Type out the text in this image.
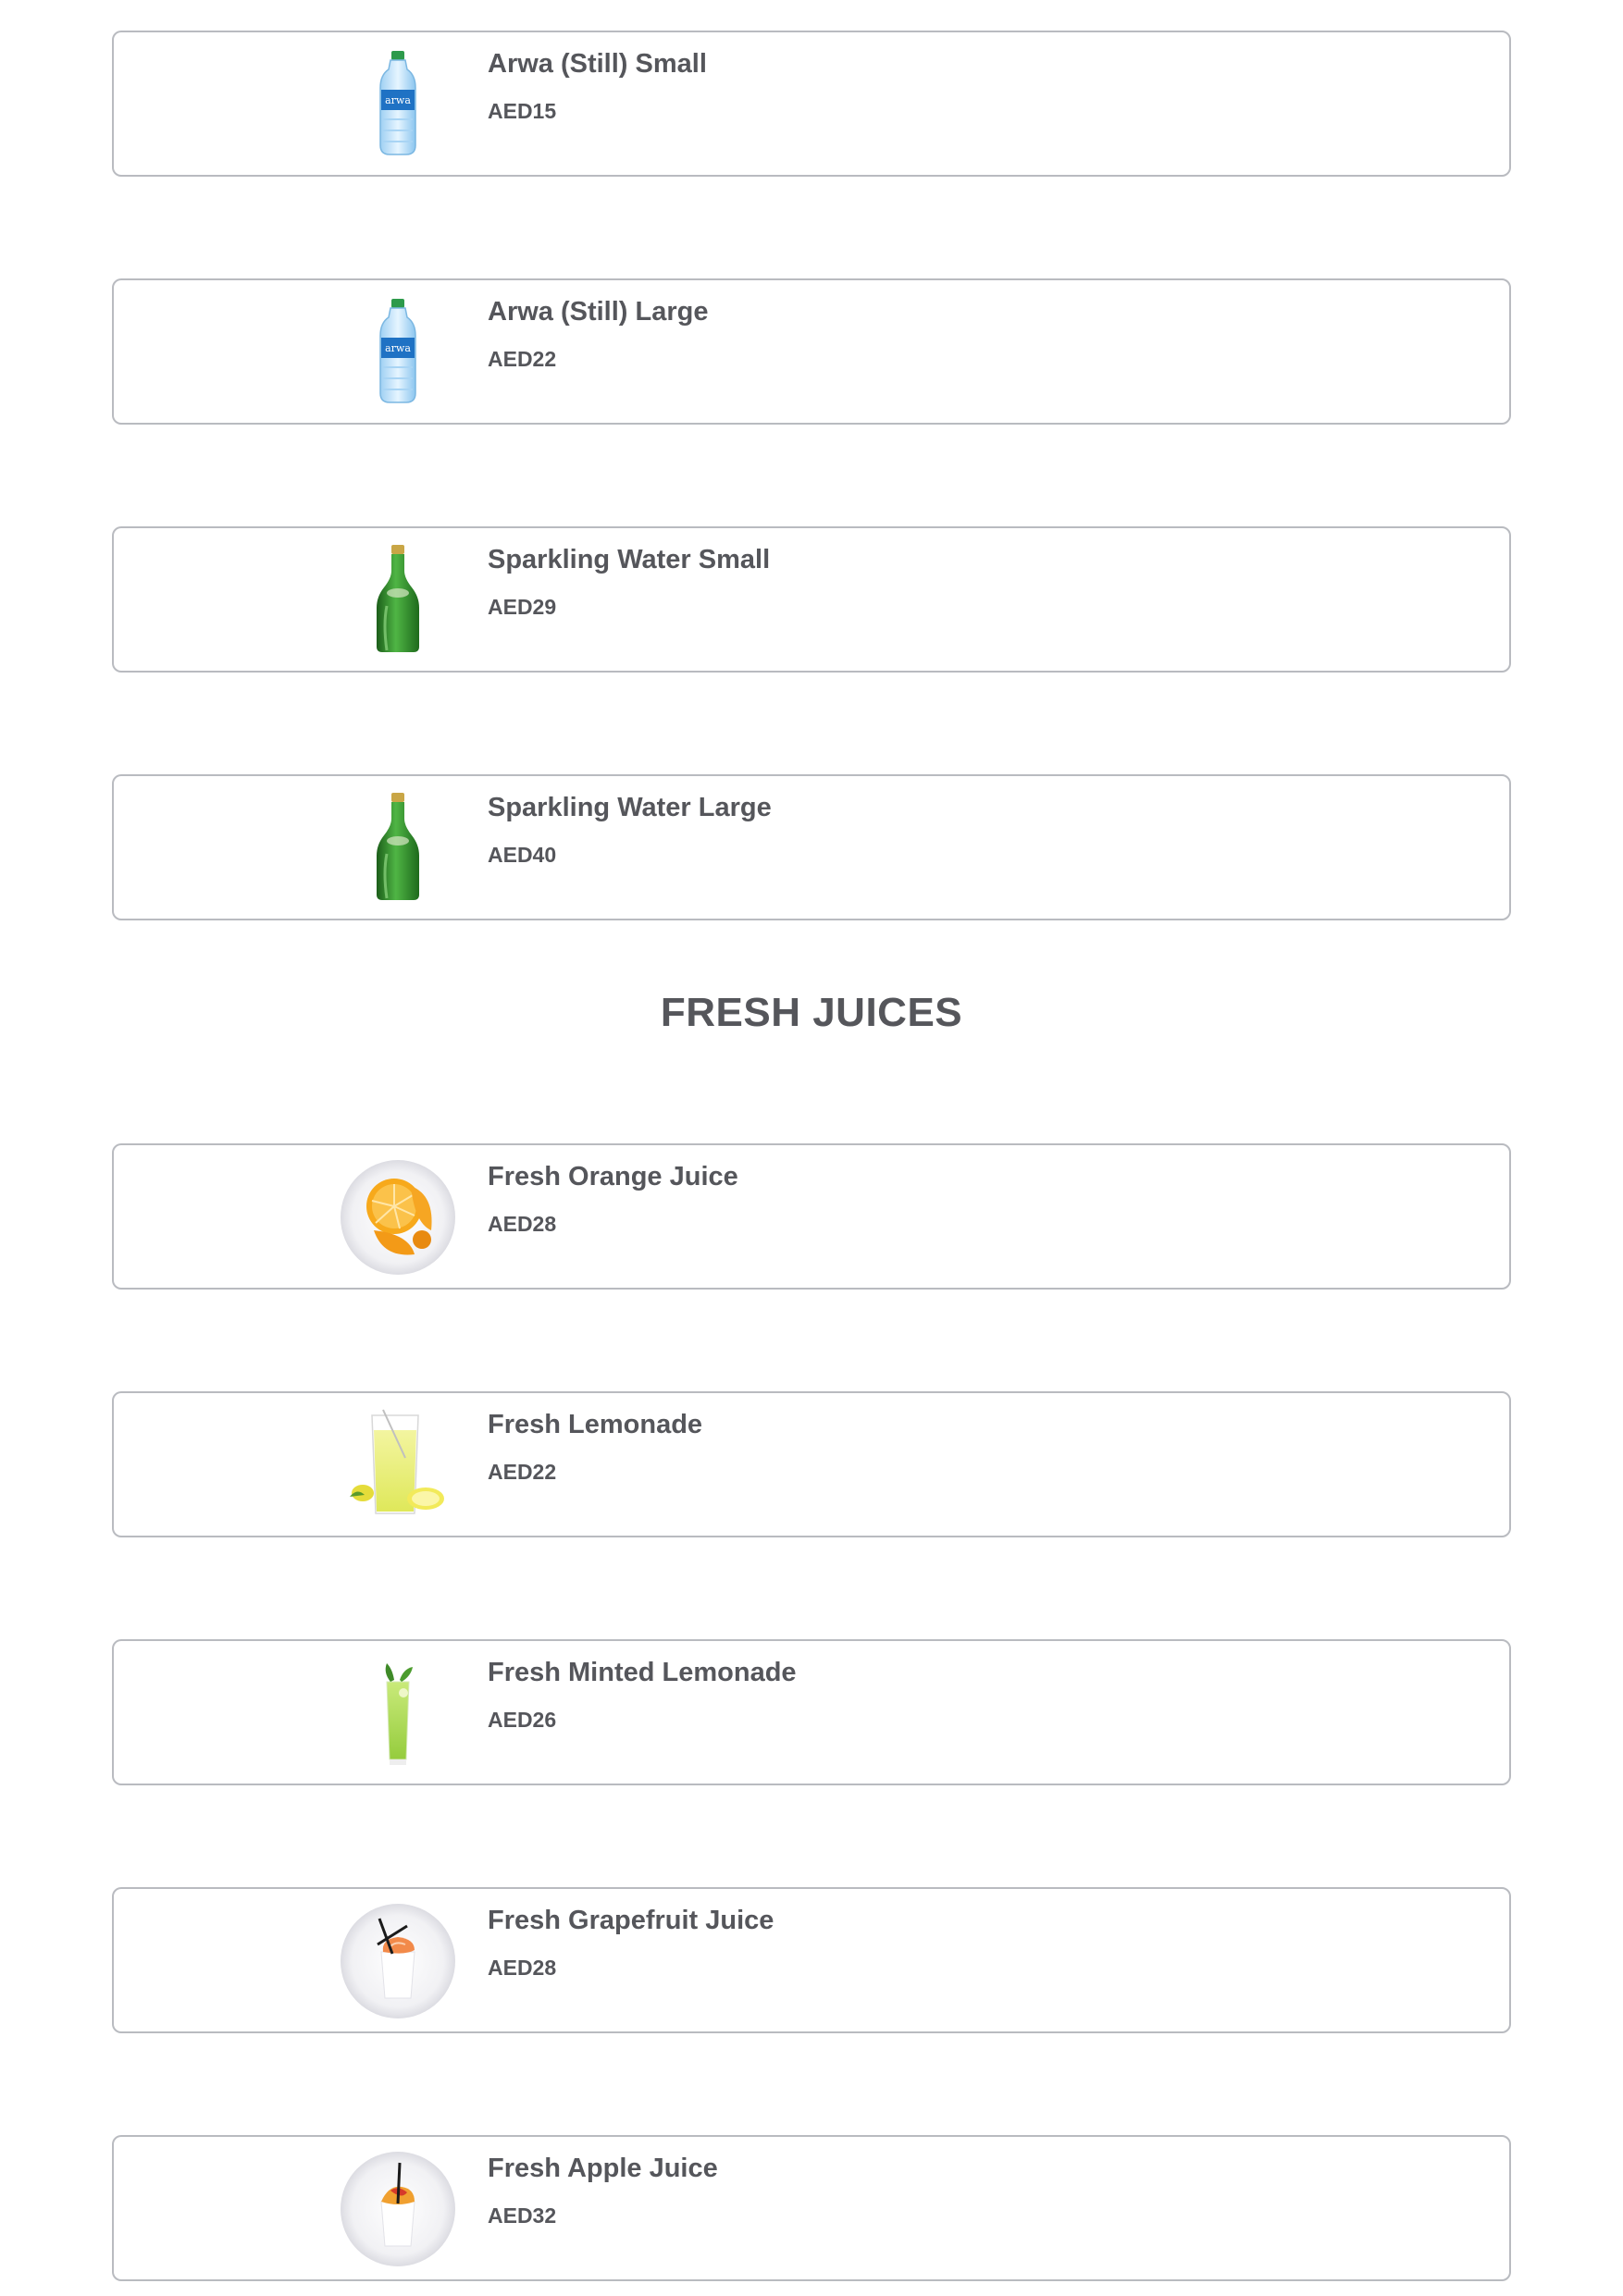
Arwa (Still) Small
AED15
Arwa (Still) Large
AED22
Sparkling Water Small
AED29
Sparkling Water Large
AED40
FRESH JUICES
Fresh Orange Juice
AED28
Fresh Lemonade
AED22
Fresh Minted Lemonade
AED26
Fresh Grapefruit Juice
AED28
Fresh Apple Juice
AED32
